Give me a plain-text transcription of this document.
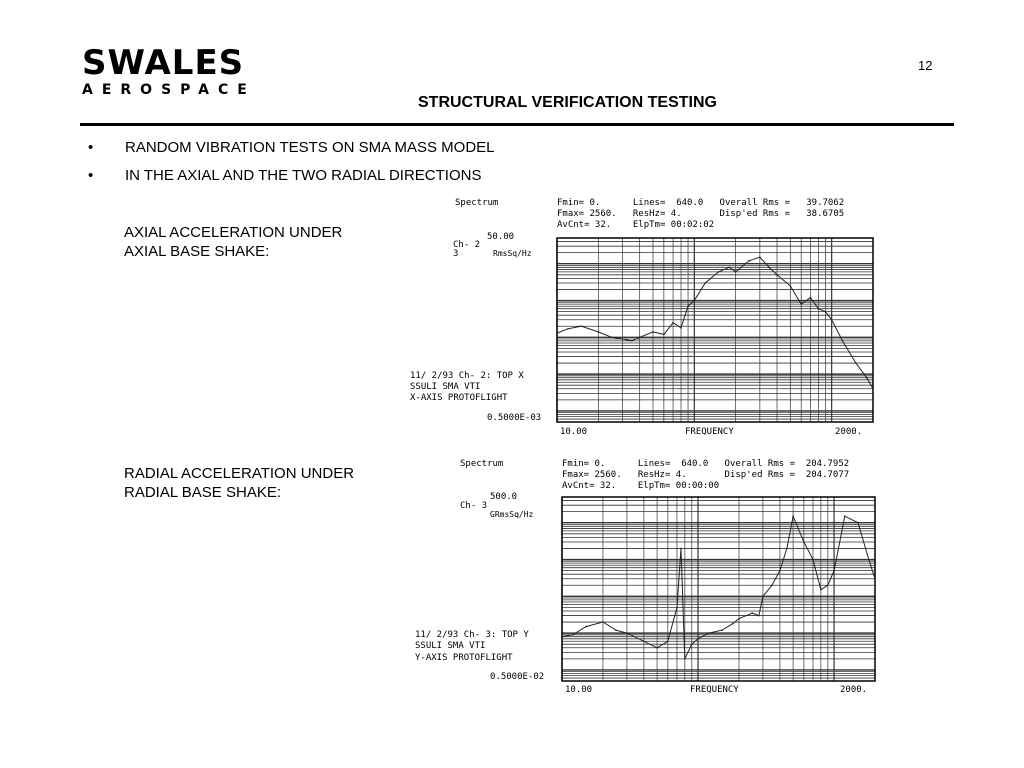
SWALES
AEROSPACE
12
STRUCTURAL VERIFICATION TESTING
•	RANDOM VIBRATION TESTS ON SMA MASS MODEL
•	IN THE AXIAL AND THE TWO RADIAL DIRECTIONS
AXIAL ACCELERATION UNDER
AXIAL BASE SHAKE:
RADIAL ACCELERATION UNDER
RADIAL BASE SHAKE:
Spectrum	Fmin= 0.      Lines=  640.0   Overall Rms =   39.7062
Fmax= 2560.   ResHz= 4.       Disp'ed Rms =   38.6705
AvCnt= 32.    ElpTm= 00:02:02
50.00
Ch- 2
3	RmsSq/Hz
11/ 2/93 Ch- 2: TOP X
SSULI SMA VTI
X-AXIS PROTOFLIGHT
0.5000E-03
10.00	FREQUENCY	2000.
Spectrum	Fmin= 0.      Lines=  640.0   Overall Rms =  204.7952
Fmax= 2560.   ResHz= 4.       Disp'ed Rms =  204.7077
AvCnt= 32.    ElpTm= 00:00:00
500.0
Ch- 3
GRmsSq/Hz
11/ 2/93 Ch- 3: TOP Y
SSULI SMA VTI
Y-AXIS PROTOFLIGHT
0.5000E-02
10.00	FREQUENCY	2000.
